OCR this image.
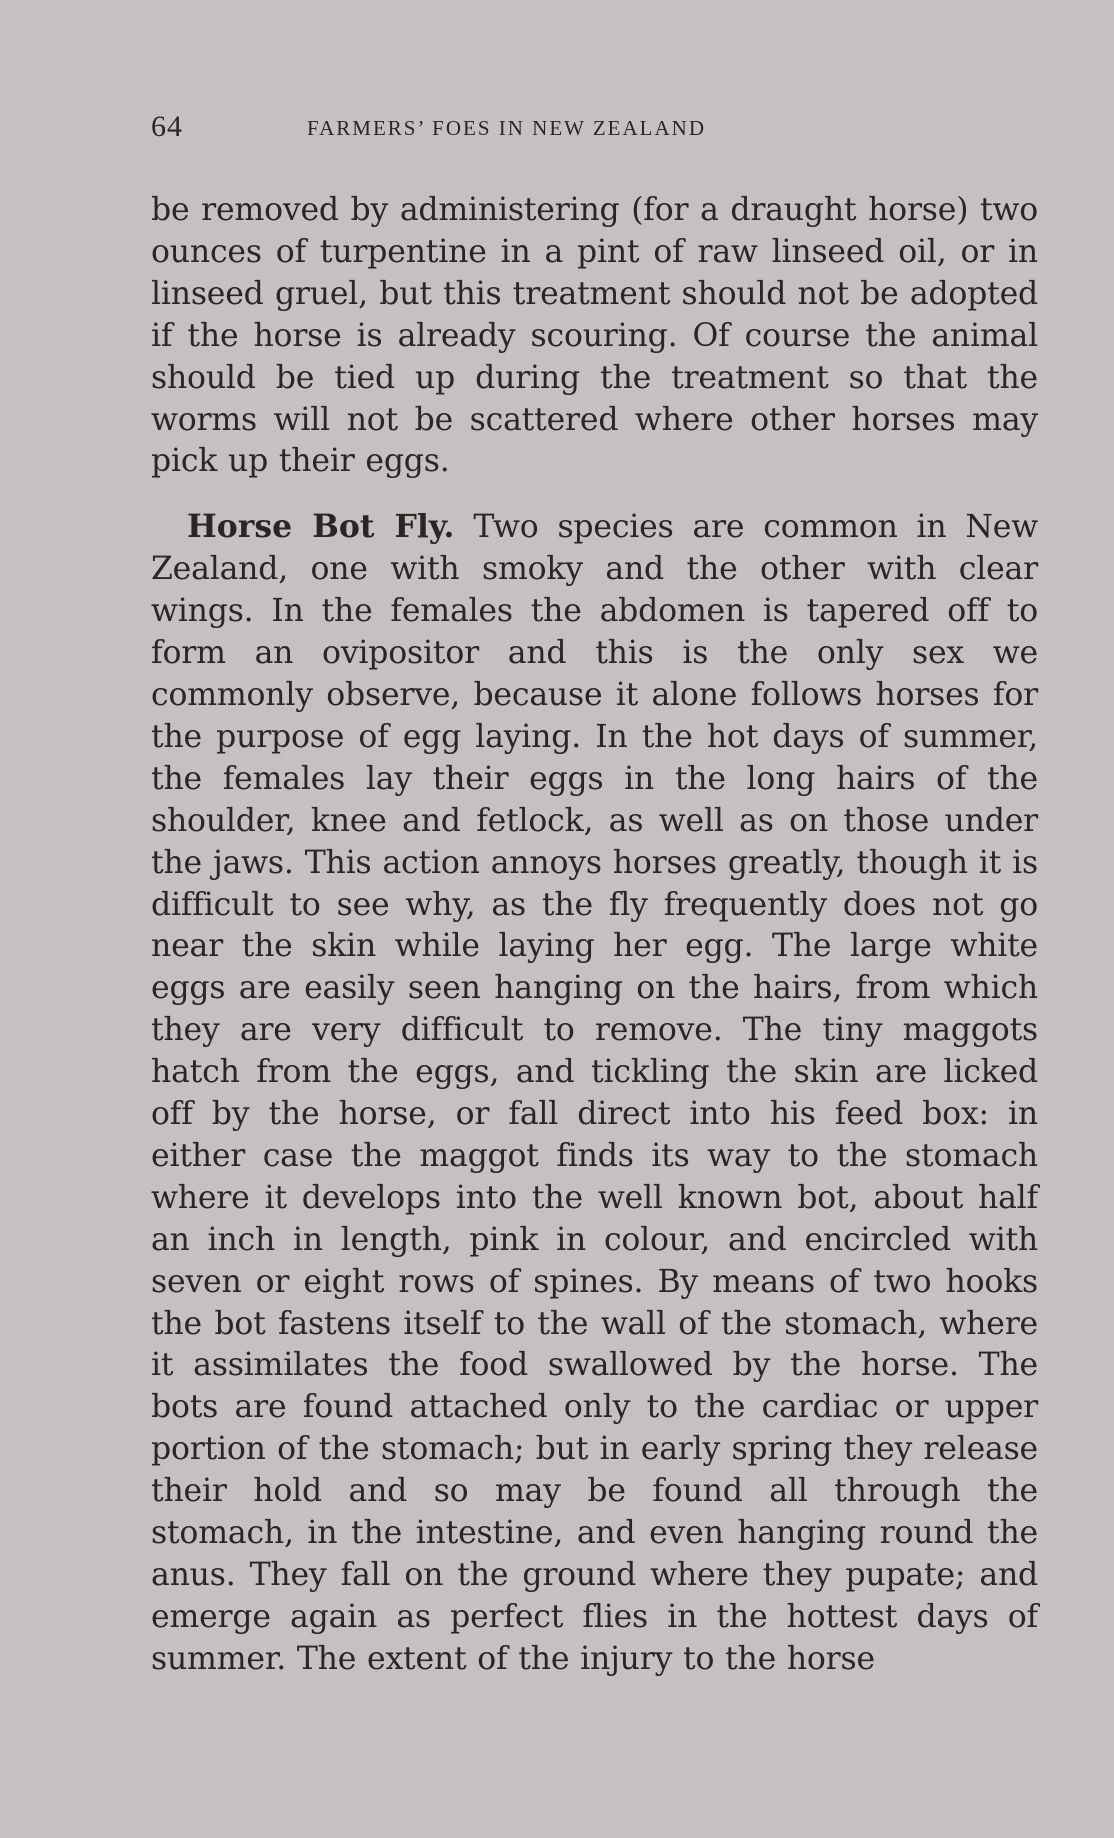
64	FARMERS’ FOES IN NEW ZEALAND

be removed by administering (for a draught horse) two ounces of turpentine in a pint of raw linseed oil, or in linseed gruel, but this treatment should not be adopted if the horse is already scouring. Of course the animal should be tied up during the treatment so that the worms will not be scattered where other horses may pick up their eggs.

Horse Bot Fly. Two species are common in New Zealand, one with smoky and the other with clear wings. In the females the abdomen is tapered off to form an ovipositor and this is the only sex we commonly observe, because it alone follows horses for the purpose of egg laying. In the hot days of summer, the females lay their eggs in the long hairs of the shoulder, knee and fetlock, as well as on those under the jaws. This action annoys horses greatly, though it is difficult to see why, as the fly frequently does not go near the skin while laying her egg. The large white eggs are easily seen hanging on the hairs, from which they are very difficult to remove. The tiny maggots hatch from the eggs, and tickling the skin are licked off by the horse, or fall direct into his feed box: in either case the maggot finds its way to the stomach where it develops into the well known bot, about half an inch in length, pink in colour, and encircled with seven or eight rows of spines. By means of two hooks the bot fastens itself to the wall of the stomach, where it assimilates the food swallowed by the horse. The bots are found attached only to the cardiac or upper portion of the stomach; but in early spring they release their hold and so may be found all through the stomach, in the intestine, and even hanging round the anus. They fall on the ground where they pupate; and emerge again as perfect flies in the hottest days of summer. The extent of the injury to the horse
